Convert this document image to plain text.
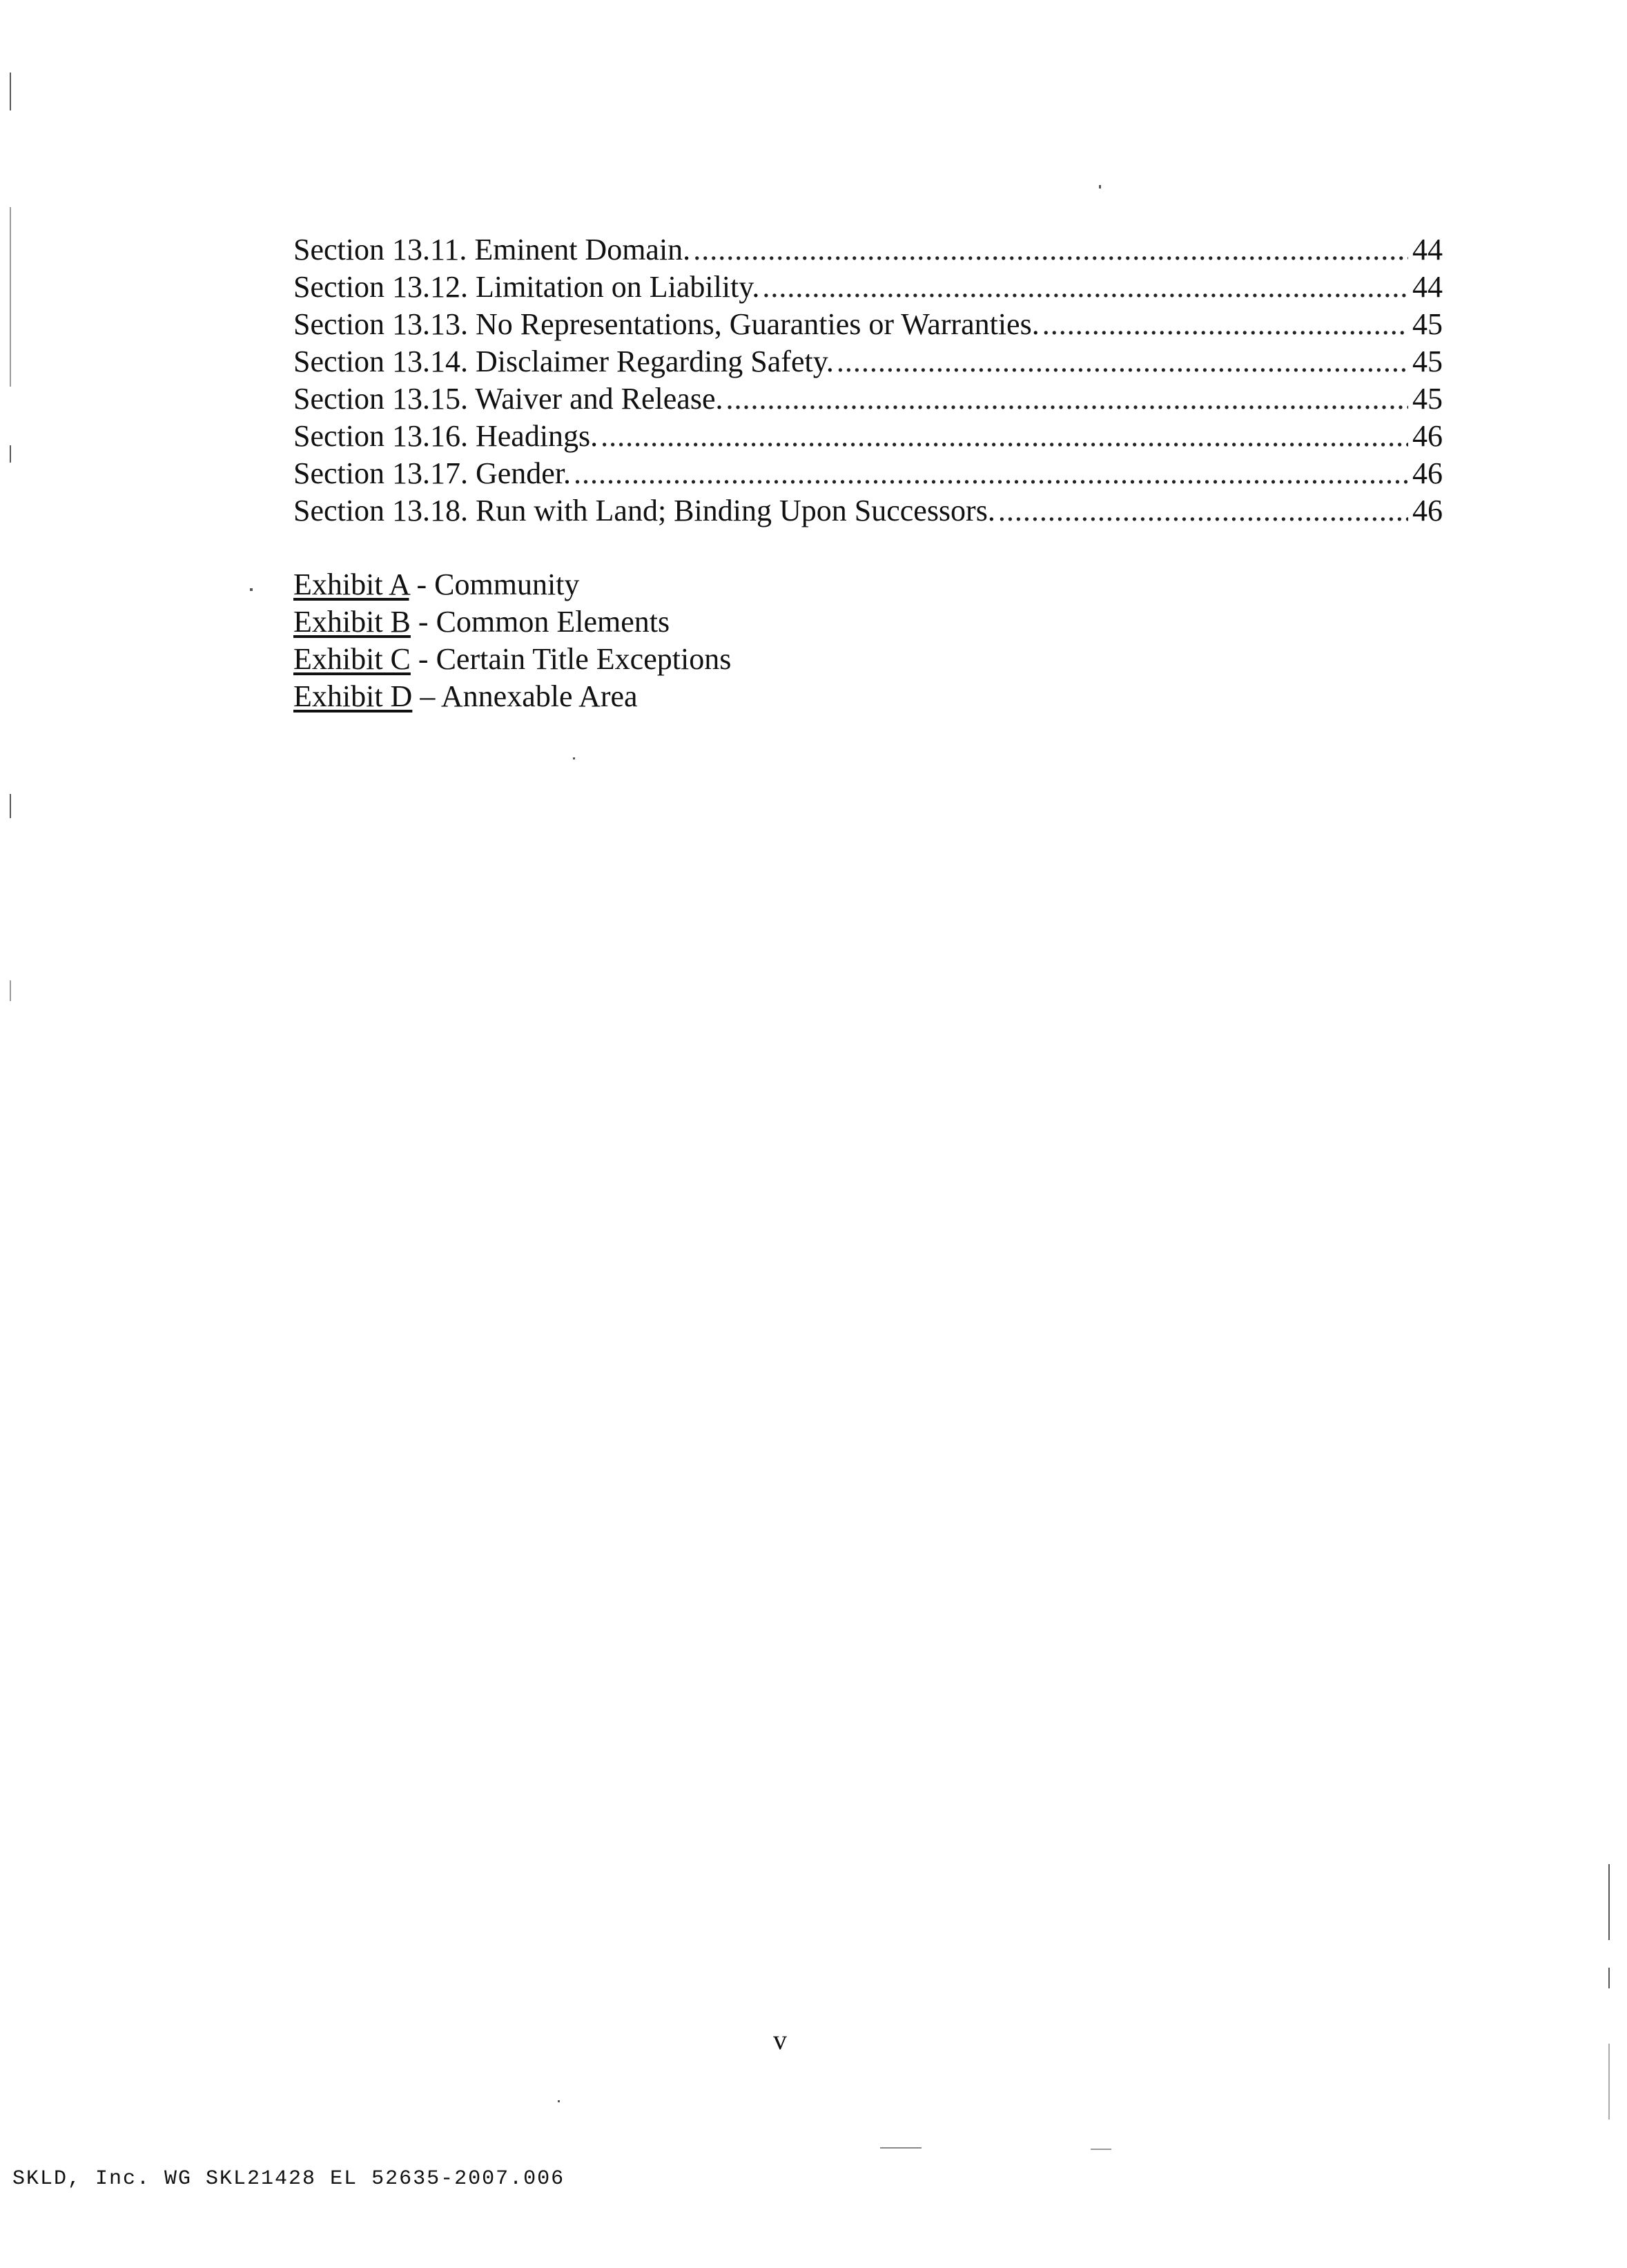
Section 13.11. Eminent Domain. .....	44
Section 13.12. Limitation on Liability. .....	44
Section 13.13. No Representations, Guaranties or Warranties. .....	45
Section 13.14. Disclaimer Regarding Safety. .....	45
Section 13.15. Waiver and Release. .....	45
Section 13.16. Headings. .....	46
Section 13.17. Gender. .....	46
Section 13.18. Run with Land; Binding Upon Successors. .....	46
Exhibit A - Community
Exhibit B - Common Elements
Exhibit C - Certain Title Exceptions
Exhibit D – Annexable Area
v
SKLD, Inc. WG SKL21428 EL 52635-2007.006
